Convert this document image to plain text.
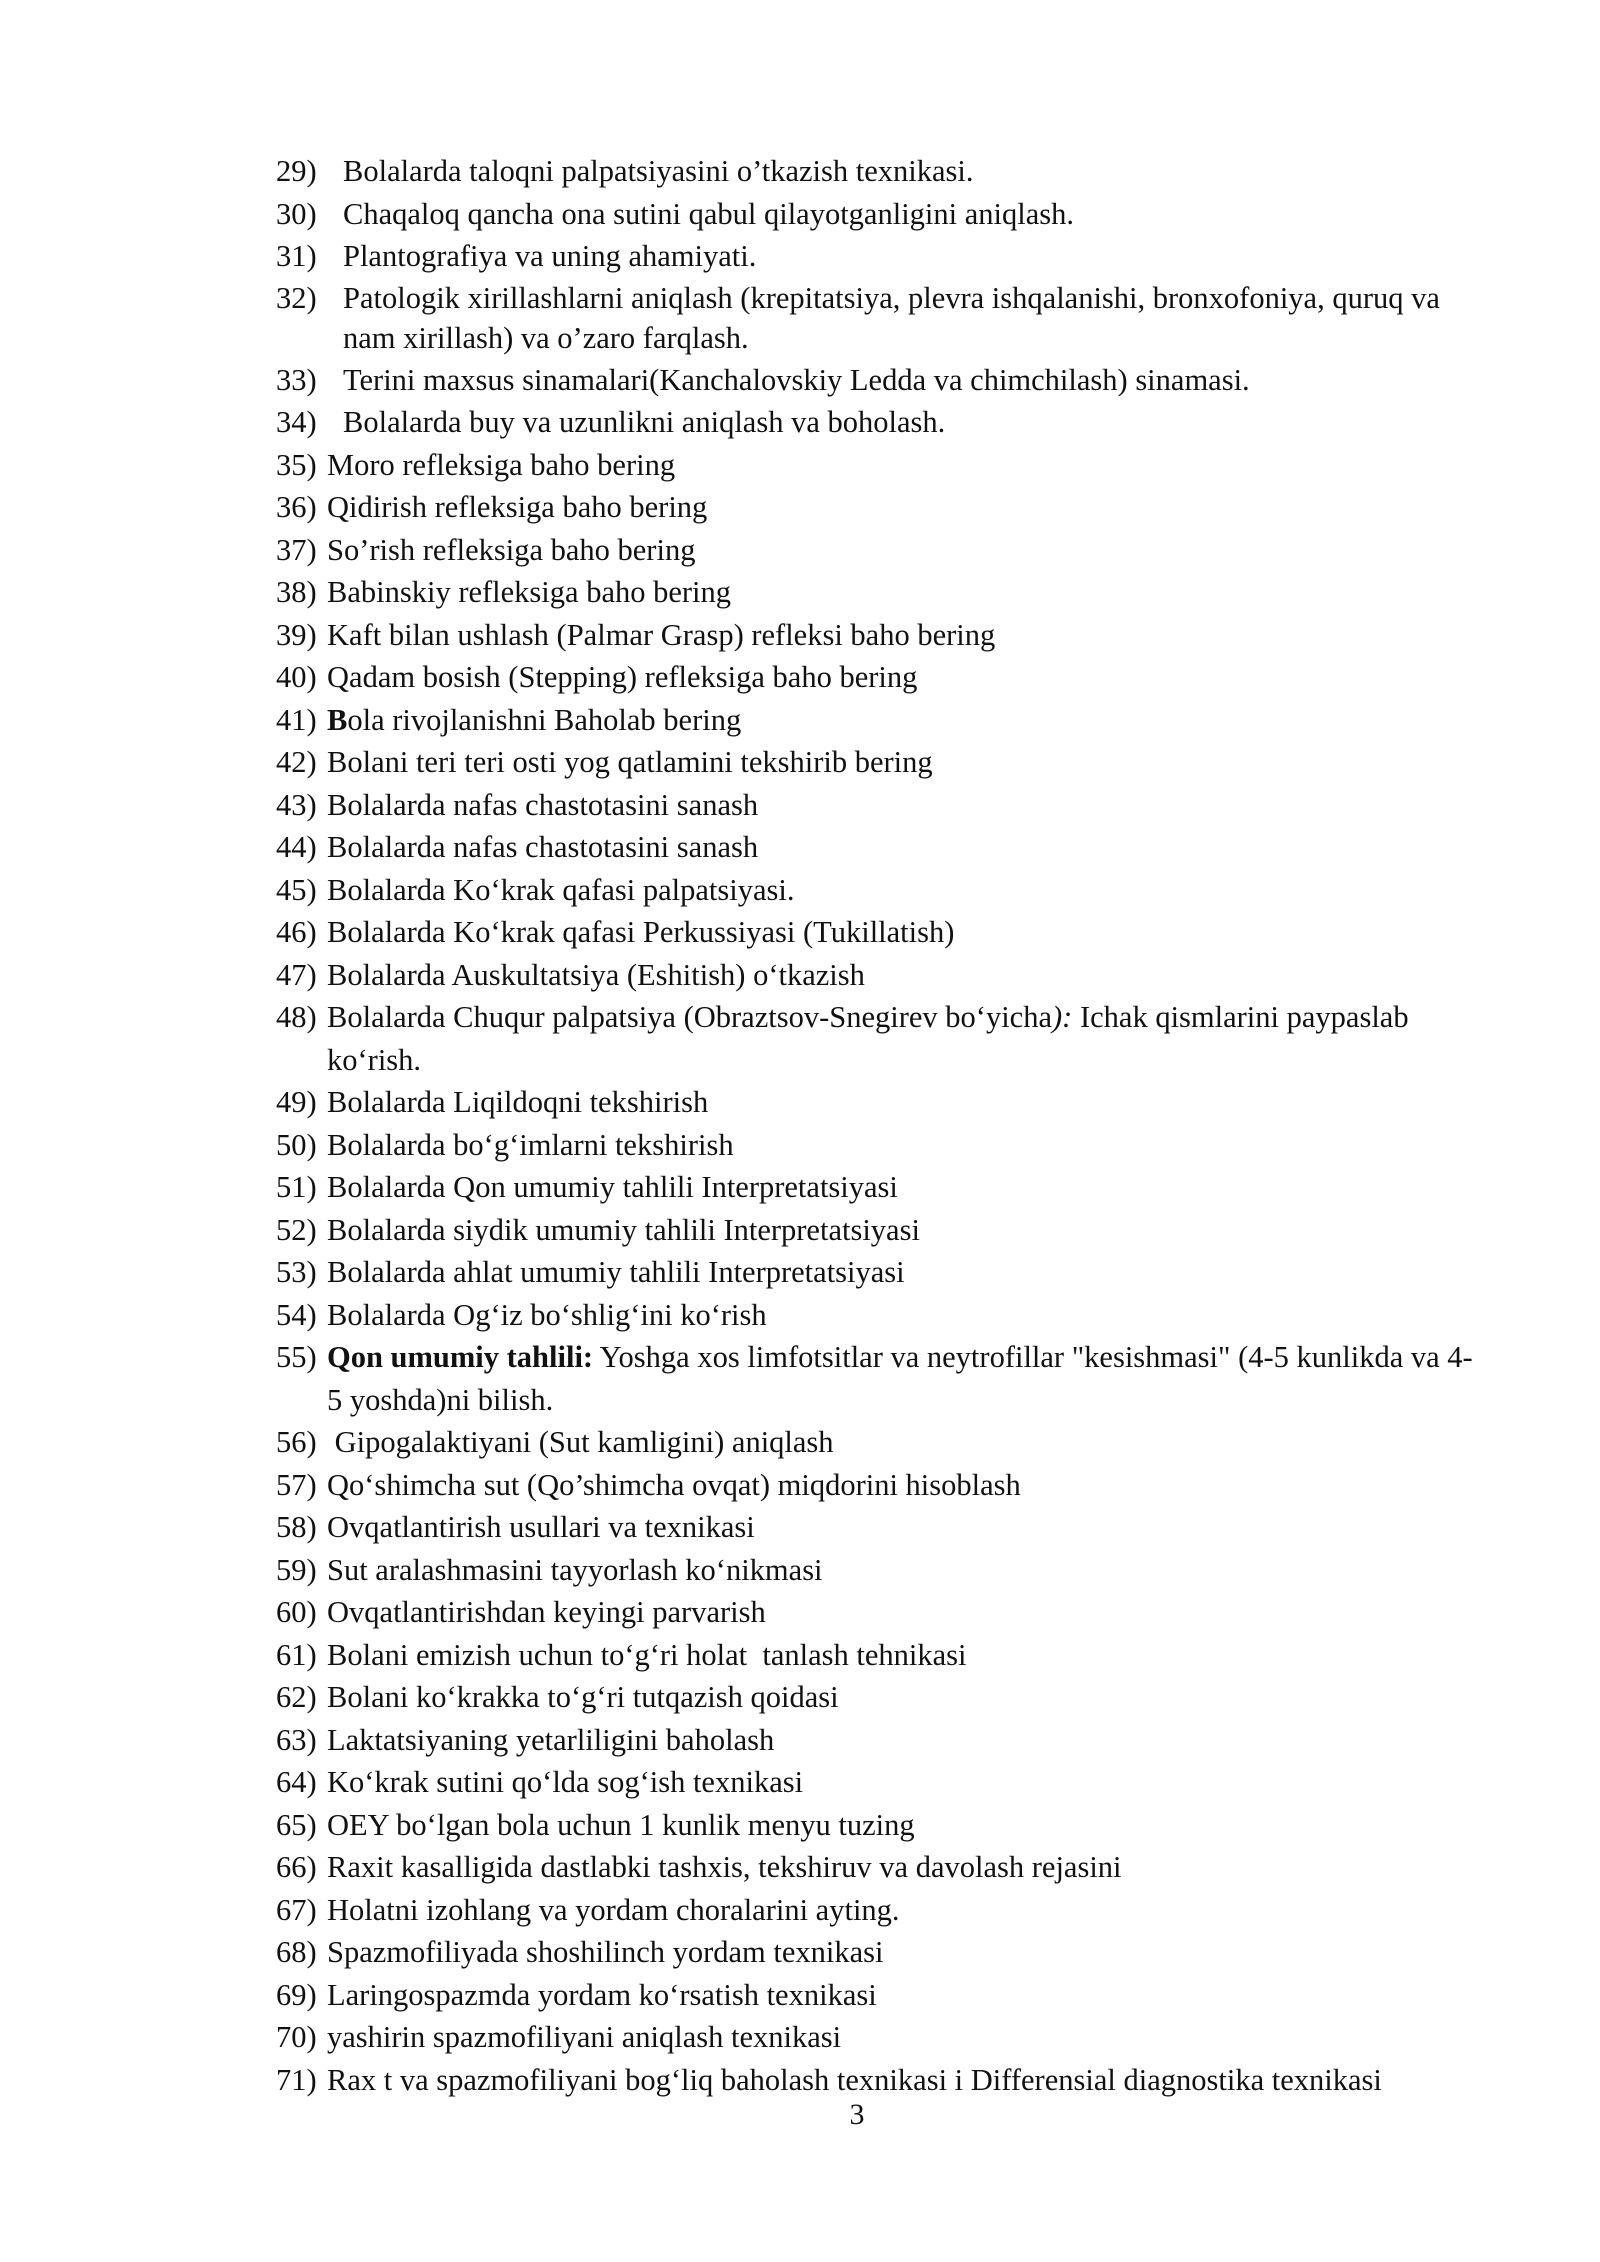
29) Bolalarda taloqni palpatsiyasini o’tkazish texnikasi.
30) Chaqaloq qancha ona sutini qabul qilayotganligini aniqlash.
31) Plantografiya va uning ahamiyati.
32) Patologik xirillashlarni aniqlash (krepitatsiya, plevra ishqalanishi, bronxofoniya, quruq va nam xirillash) va o’zaro farqlash.
33) Terini maxsus sinamalari(Kanchalovskiy Ledda va chimchilash) sinamasi.
34) Bolalarda buy va uzunlikni aniqlash va boholash.
35) Moro refleksiga baho bering
36) Qidirish refleksiga baho bering
37) So’rish refleksiga baho bering
38) Babinskiy refleksiga baho bering
39) Kaft bilan ushlash (Palmar Grasp) refleksi baho bering
40) Qadam bosish (Stepping) refleksiga baho bering
41) Bola rivojlanishni Baholab bering
42) Bolani teri teri osti yog qatlamini tekshirib bering
43) Bolalarda nafas chastotasini sanash
44) Bolalarda nafas chastotasini sanash
45) Bolalarda Ko‘krak qafasi palpatsiyasi.
46) Bolalarda Ko‘krak qafasi Perkussiyasi (Tukillatish)
47) Bolalarda Auskultatsiya (Eshitish) o‘tkazish
48) Bolalarda Chuqur palpatsiya (Obraztsov-Snegirev bo‘yicha): Ichak qismlarini paypaslab ko‘rish.
49) Bolalarda Liqildoqni tekshirish
50) Bolalarda bo‘g‘imlarni tekshirish
51) Bolalarda Qon umumiy tahlili Interpretatsiyasi
52) Bolalarda siydik umumiy tahlili Interpretatsiyasi
53) Bolalarda ahlat umumiy tahlili Interpretatsiyasi
54) Bolalarda Og‘iz bo‘shlig‘ini ko‘rish
55) Qon umumiy tahlili: Yoshga xos limfotsitlar va neytrofillar "kesishmasi" (4-5 kunlikda va 4-5 yoshda)ni bilish.
56) Gipogalaktiyani (Sut kamligini) aniqlash
57) Qo‘shimcha sut (Qo’shimcha ovqat) miqdorini hisoblash
58) Ovqatlantirish usullari va texnikasi
59) Sut aralashmasini tayyorlash ko‘nikmasi
60) Ovqatlantirishdan keyingi parvarish
61) Bolani emizish uchun to‘g‘ri holat  tanlash tehnikasi
62) Bolani ko‘krakka to‘g‘ri tutqazish qoidasi
63) Laktatsiyaning yetarliligini baholash
64) Ko‘krak sutini qo‘lda sog‘ish texnikasi
65) OEY bo‘lgan bola uchun 1 kunlik menyu tuzing
66) Raxit kasalligida dastlabki tashxis, tekshiruv va davolash rejasini
67) Holatni izohlang va yordam choralarini ayting.
68) Spazmofiliyada shoshilinch yordam texnikasi
69) Laringospazmda yordam ko‘rsatish texnikasi
70) yashirin spazmofiliyani aniqlash texnikasi
71) Rax t va spazmofiliyani bog‘liq baholash texnikasi i Differensial diagnostika texnikasi
3
